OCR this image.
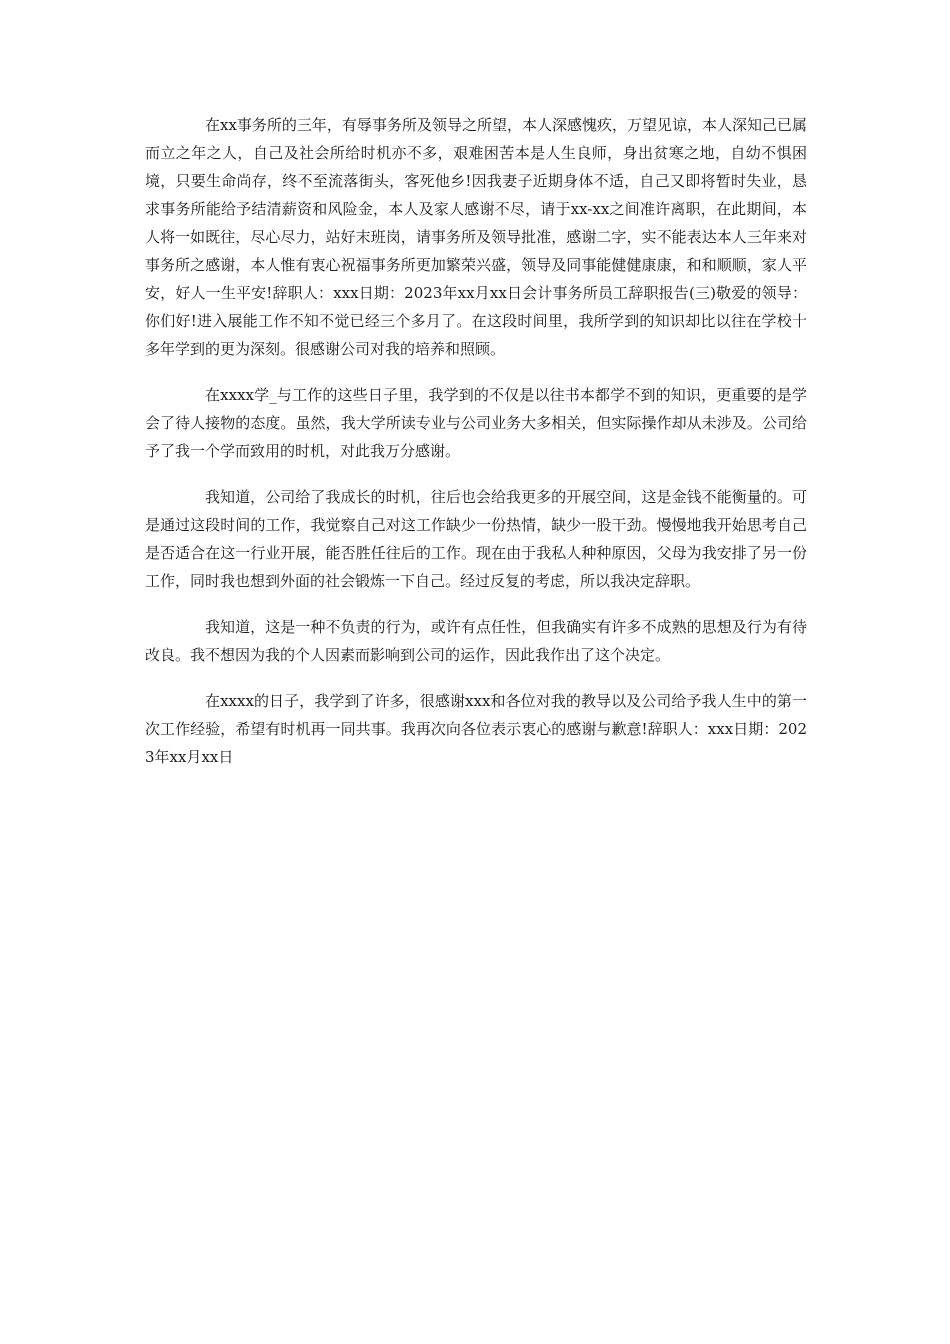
在xx事务所的三年，有辱事务所及领导之所望，本人深感愧疚，万望见谅，本人深知己已属而立之年之人，自己及社会所给时机亦不多，艰难困苦本是人生良师，身出贫寒之地，自幼不惧困境，只要生命尚存，终不至流落街头，客死他乡!因我妻子近期身体不适，自己又即将暂时失业，恳求事务所能给予结清薪资和风险金，本人及家人感谢不尽，请于xx-xx之间准许离职，在此期间，本人将一如既往，尽心尽力，站好末班岗，请事务所及领导批准，感谢二字，实不能表达本人三年来对事务所之感谢，本人惟有衷心祝福事务所更加繁荣兴盛，领导及同事能健健康康，和和顺顺，家人平安，好人一生平安!辞职人：xxx日期：2023年xx月xx日会计事务所员工辞职报告(三)敬爱的领导：        你们好!进入展能工作不知不觉已经三个多月了。在这段时间里，我所学到的知识却比以往在学校十多年学到的更为深刻。很感谢公司对我的培养和照顾。

在xxxx学_与工作的这些日子里，我学到的不仅是以往书本都学不到的知识，更重要的是学会了待人接物的态度。虽然，我大学所读专业与公司业务大多相关，但实际操作却从未涉及。公司给予了我一个学而致用的时机，对此我万分感谢。

我知道，公司给了我成长的时机，往后也会给我更多的开展空间，这是金钱不能衡量的。可是通过这段时间的工作，我觉察自己对这工作缺少一份热情，缺少一股干劲。慢慢地我开始思考自己是否适合在这一行业开展，能否胜任往后的工作。现在由于我私人种种原因，父母为我安排了另一份工作，同时我也想到外面的社会锻炼一下自己。经过反复的考虑，所以我决定辞职。

我知道，这是一种不负责的行为，或许有点任性，但我确实有许多不成熟的思想及行为有待改良。我不想因为我的个人因素而影响到公司的运作，因此我作出了这个决定。

在xxxx的日子，我学到了许多，很感谢xxx和各位对我的教导以及公司给予我人生中的第一次工作经验，希望有时机再一同共事。我再次向各位表示衷心的感谢与歉意!辞职人：xxx日期：2023年xx月xx日
